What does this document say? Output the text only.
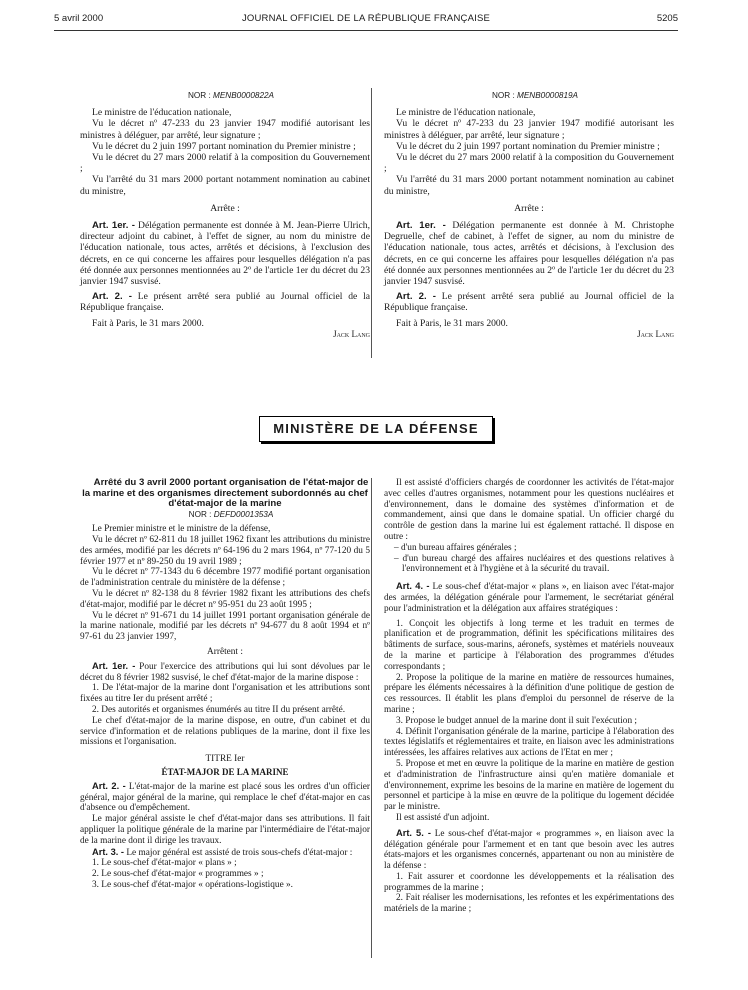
5 avril 2000	JOURNAL OFFICIEL DE LA RÉPUBLIQUE FRANÇAISE	5205

NOR : MENB0000822A

Le ministre de l'éducation nationale,

Vu le décret nº 47-233 du 23 janvier 1947 modifié autorisant les ministres à déléguer, par arrêté, leur signature ;

Vu le décret du 2 juin 1997 portant nomination du Premier ministre ;

Vu le décret du 27 mars 2000 relatif à la composition du Gouvernement ;

Vu l'arrêté du 31 mars 2000 portant notamment nomination au cabinet du ministre,

Arrête :

Art. 1er. - Délégation permanente est donnée à M. Jean-Pierre Ulrich, directeur adjoint du cabinet, à l'effet de signer, au nom du ministre de l'éducation nationale, tous actes, arrêtés et décisions, à l'exclusion des décrets, en ce qui concerne les affaires pour lesquelles délégation n'a pas été donnée aux personnes mentionnées au 2º de l'article 1er du décret du 23 janvier 1947 susvisé.

Art. 2. - Le présent arrêté sera publié au Journal officiel de la République française.

Fait à Paris, le 31 mars 2000.

Jack Lang

NOR : MENB0000819A

Le ministre de l'éducation nationale,

Vu le décret nº 47-233 du 23 janvier 1947 modifié autorisant les ministres à déléguer, par arrêté, leur signature ;

Vu le décret du 2 juin 1997 portant nomination du Premier ministre ;

Vu le décret du 27 mars 2000 relatif à la composition du Gouvernement ;

Vu l'arrêté du 31 mars 2000 portant notamment nomination au cabinet du ministre,

Arrête :

Art. 1er. - Délégation permanente est donnée à M. Christophe Degruelle, chef de cabinet, à l'effet de signer, au nom du ministre de l'éducation nationale, tous actes, arrêtés et décisions, à l'exclusion des décrets, en ce qui concerne les affaires pour lesquelles délégation n'a pas été donnée aux personnes mentionnées au 2º de l'article 1er du décret du 23 janvier 1947 susvisé.

Art. 2. - Le présent arrêté sera publié au Journal officiel de la République française.

Fait à Paris, le 31 mars 2000.

Jack Lang

MINISTÈRE DE LA DÉFENSE

Arrêté du 3 avril 2000 portant organisation de l'état-major de la marine et des organismes directement subordonnés au chef d'état-major de la marine

NOR : DEFD0001353A

Le Premier ministre et le ministre de la défense,

Vu le décret nº 62-811 du 18 juillet 1962 fixant les attributions du ministre des armées, modifié par les décrets nº 64-196 du 2 mars 1964, nº 77-120 du 5 février 1977 et nº 89-250 du 19 avril 1989 ;

Vu le décret nº 77-1343 du 6 décembre 1977 modifié portant organisation de l'administration centrale du ministère de la défense ;

Vu le décret nº 82-138 du 8 février 1982 fixant les attributions des chefs d'état-major, modifié par le décret nº 95-951 du 23 août 1995 ;

Vu le décret nº 91-671 du 14 juillet 1991 portant organisation générale de la marine nationale, modifié par les décrets nº 94-677 du 8 août 1994 et nº 97-61 du 23 janvier 1997,

Arrêtent :

Art. 1er. - Pour l'exercice des attributions qui lui sont dévolues par le décret du 8 février 1982 susvisé, le chef d'état-major de la marine dispose :

1. De l'état-major de la marine dont l'organisation et les attributions sont fixées au titre Ier du présent arrêté ;

2. Des autorités et organismes énumérés au titre II du présent arrêté.

Le chef d'état-major de la marine dispose, en outre, d'un cabinet et du service d'information et de relations publiques de la marine, dont il fixe les missions et l'organisation.

TITRE Ier

ÉTAT-MAJOR DE LA MARINE

Art. 2. - L'état-major de la marine est placé sous les ordres d'un officier général, major général de la marine, qui remplace le chef d'état-major en cas d'absence ou d'empêchement.

Le major général assiste le chef d'état-major dans ses attributions. Il fait appliquer la politique générale de la marine par l'intermédiaire de l'état-major de la marine dont il dirige les travaux.

Art. 3. - Le major général est assisté de trois sous-chefs d'état-major :

1. Le sous-chef d'état-major « plans » ;

2. Le sous-chef d'état-major « programmes » ;

3. Le sous-chef d'état-major « opérations-logistique ».

Il est assisté d'officiers chargés de coordonner les activités de l'état-major avec celles d'autres organismes, notamment pour les questions nucléaires et d'environnement, dans le domaine des systèmes d'information et de commandement, ainsi que dans le domaine spatial. Un officier chargé du contrôle de gestion dans la marine lui est également rattaché. Il dispose en outre :

– d'un bureau affaires générales ;

– d'un bureau chargé des affaires nucléaires et des questions relatives à l'environnement et à l'hygiène et à la sécurité du travail.

Art. 4. - Le sous-chef d'état-major « plans », en liaison avec l'état-major des armées, la délégation générale pour l'armement, le secrétariat général pour l'administration et la délégation aux affaires stratégiques :

1. Conçoit les objectifs à long terme et les traduit en termes de planification et de programmation, définit les spécifications militaires des bâtiments de surface, sous-marins, aéronefs, systèmes et matériels nouveaux de la marine et participe à l'élaboration des programmes d'études correspondants ;

2. Propose la politique de la marine en matière de ressources humaines, prépare les éléments nécessaires à la définition d'une politique de gestion de ces ressources. Il établit les plans d'emploi du personnel de réserve de la marine ;

3. Propose le budget annuel de la marine dont il suit l'exécution ;

4. Définit l'organisation générale de la marine, participe à l'élaboration des textes législatifs et réglementaires et traite, en liaison avec les administrations intéressées, les affaires relatives aux actions de l'Etat en mer ;

5. Propose et met en œuvre la politique de la marine en matière de gestion et d'administration de l'infrastructure ainsi qu'en matière domaniale et d'environnement, exprime les besoins de la marine en matière de logement du personnel et participe à la mise en œuvre de la politique du logement décidée par le ministre.

Il est assisté d'un adjoint.

Art. 5. - Le sous-chef d'état-major « programmes », en liaison avec la délégation générale pour l'armement et en tant que besoin avec les autres états-majors et les organismes concernés, appartenant ou non au ministère de la défense :

1. Fait assurer et coordonne les développements et la réalisation des programmes de la marine ;

2. Fait réaliser les modernisations, les refontes et les expérimentations des matériels de la marine ;
